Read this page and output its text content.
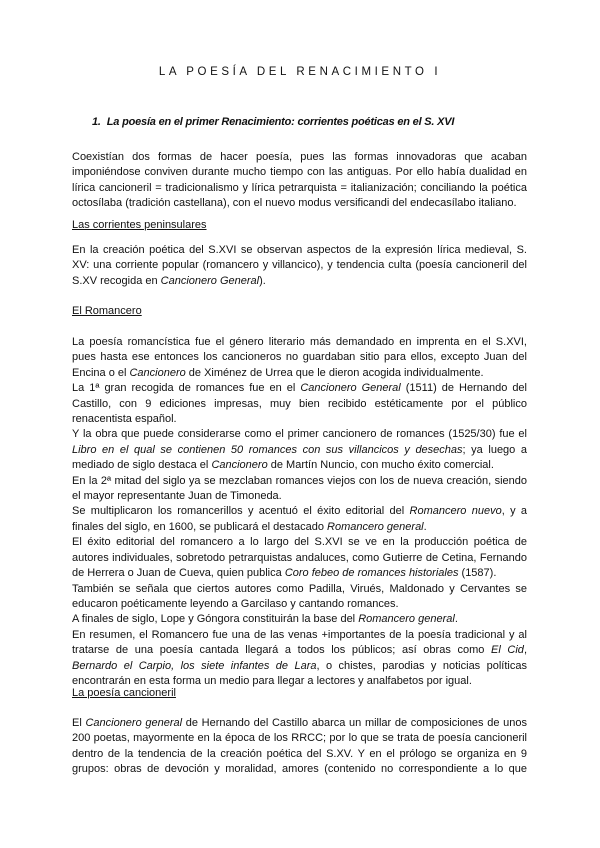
LA POESÍA DEL RENACIMIENTO I
1. La poesía en el primer Renacimiento: corrientes poéticas en el S. XVI
Coexistían dos formas de hacer poesía, pues las formas innovadoras que acaban
imponiéndose conviven durante mucho tiempo con las antiguas. Por ello había dualidad en
lírica cancioneril = tradicionalismo y lírica petrarquista = italianización; conciliando la poética
octosílaba (tradición castellana), con el nuevo modus versificandi del endecasílabo italiano.

Las corrientes peninsulares

En la creación poética del S.XVI se observan aspectos de la expresión lírica medieval, S.
XV: una corriente popular (romancero y villancico), y tendencia culta (poesía cancioneril del
S.XV recogida en Cancionero General).

El Romancero

La poesía romancística fue el género literario más demandado en imprenta en el S.XVI,
pues hasta ese entonces los cancioneros no guardaban sitio para ellos, excepto Juan del
Encina o el Cancionero de Ximénez de Urrea que le dieron acogida individualmente.
La 1ª gran recogida de romances fue en el Cancionero General (1511) de Hernando del
Castillo, con 9 ediciones impresas, muy bien recibido estéticamente por el público
renacentista español.
Y la obra que puede considerarse como el primer cancionero de romances (1525/30) fue el
Libro en el qual se contienen 50 romances con sus villancicos y desechas; ya luego a
mediado de siglo destaca el Cancionero de Martín Nuncio, con mucho éxito comercial.
En la 2ª mitad del siglo ya se mezclaban romances viejos con los de nueva creación, siendo
el mayor representante Juan de Timoneda.
Se multiplicaron los romancerillos y acentuó el éxito editorial del Romancero nuevo, y a
finales del siglo, en 1600, se publicará el destacado Romancero general.
El éxito editorial del romancero a lo largo del S.XVI se ve en la producción poética de
autores individuales, sobretodo petrarquistas andaluces, como Gutierre de Cetina, Fernando
de Herrera o Juan de Cueva, quien publica Coro febeo de romances historiales (1587).
También se señala que ciertos autores como Padilla, Virués, Maldonado y Cervantes se
educaron poéticamente leyendo a Garcilaso y cantando romances.
A finales de siglo, Lope y Góngora constituirán la base del Romancero general.
En resumen, el Romancero fue una de las venas +importantes de la poesía tradicional y al
tratarse de una poesía cantada llegará a todos los públicos; así obras como El Cid,
Bernardo el Carpio, los siete infantes de Lara, o chistes, parodias y noticias políticas
encontrarán en esta forma un medio para llegar a lectores y analfabetos por igual.

La poesía cancioneril

El Cancionero general de Hernando del Castillo abarca un millar de composiciones de unos
200 poetas, mayormente en la época de los RRCC; por lo que se trata de poesía cancioneril
dentro de la tendencia de la creación poética del S.XV. Y en el prólogo se organiza en 9
grupos: obras de devoción y moralidad, amores (contenido no correspondiente a lo que
